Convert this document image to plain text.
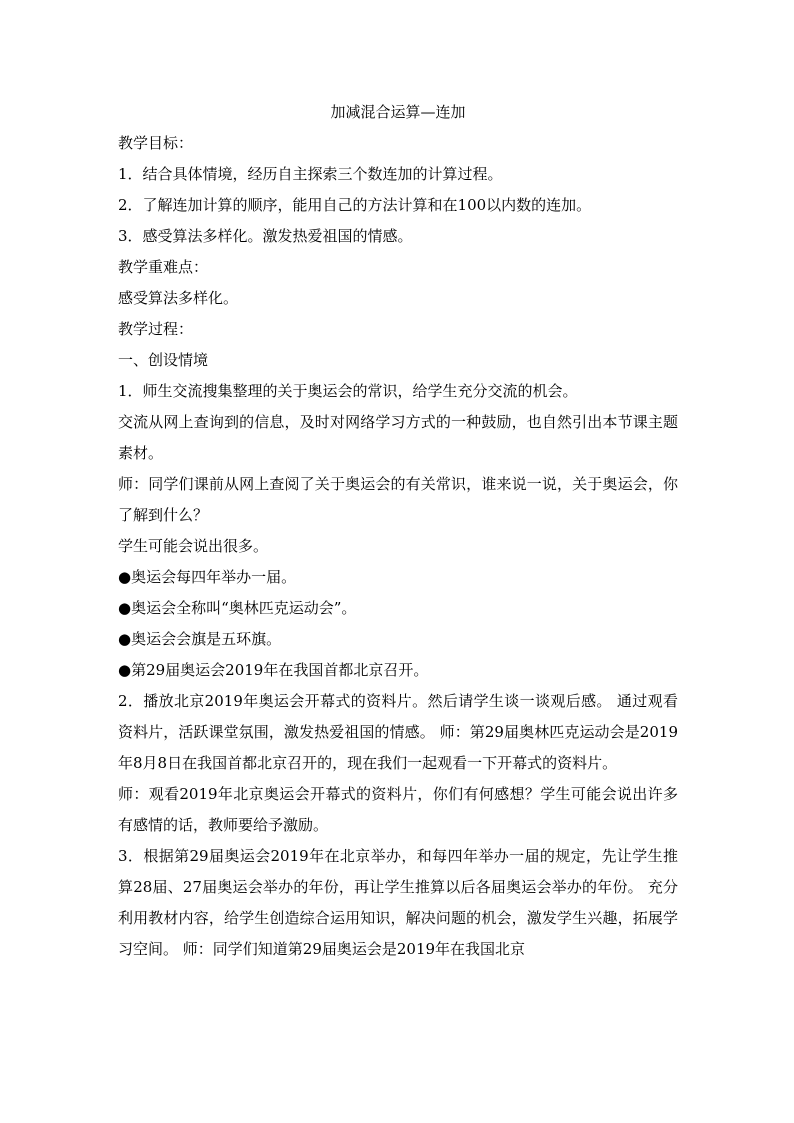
加减混合运算—连加

教学目标：

1．结合具体情境，经历自主探索三个数连加的计算过程。

2．了解连加计算的顺序，能用自己的方法计算和在100以内数的连加。

3．感受算法多样化。激发热爱祖国的情感。

教学重难点：

感受算法多样化。

教学过程：

一、创设情境

1．师生交流搜集整理的关于奥运会的常识，给学生充分交流的机会。

交流从网上查询到的信息，及时对网络学习方式的一种鼓励，也自然引出本节课主题素材。

师：同学们课前从网上查阅了关于奥运会的有关常识，谁来说一说，关于奥运会，你了解到什么？

学生可能会说出很多。

●奥运会每四年举办一届。

●奥运会全称叫“奥林匹克运动会”。

●奥运会会旗是五环旗。

●第29届奥运会2019年在我国首都北京召开。

2．播放北京2019年奥运会开幕式的资料片。然后请学生谈一谈观后感。 通过观看资料片，活跃课堂氛围，激发热爱祖国的情感。 师：第29届奥林匹克运动会是2019年8月8日在我国首都北京召开的，现在我们一起观看一下开幕式的资料片。

师：观看2019年北京奥运会开幕式的资料片，你们有何感想？学生可能会说出许多有感情的话，教师要给予激励。

3．根据第29届奥运会2019年在北京举办，和每四年举办一届的规定，先让学生推算28届、27届奥运会举办的年份，再让学生推算以后各届奥运会举办的年份。 充分利用教材内容，给学生创造综合运用知识，解决问题的机会，激发学生兴趣，拓展学习空间。 师：同学们知道第29届奥运会是2019年在我国北京
